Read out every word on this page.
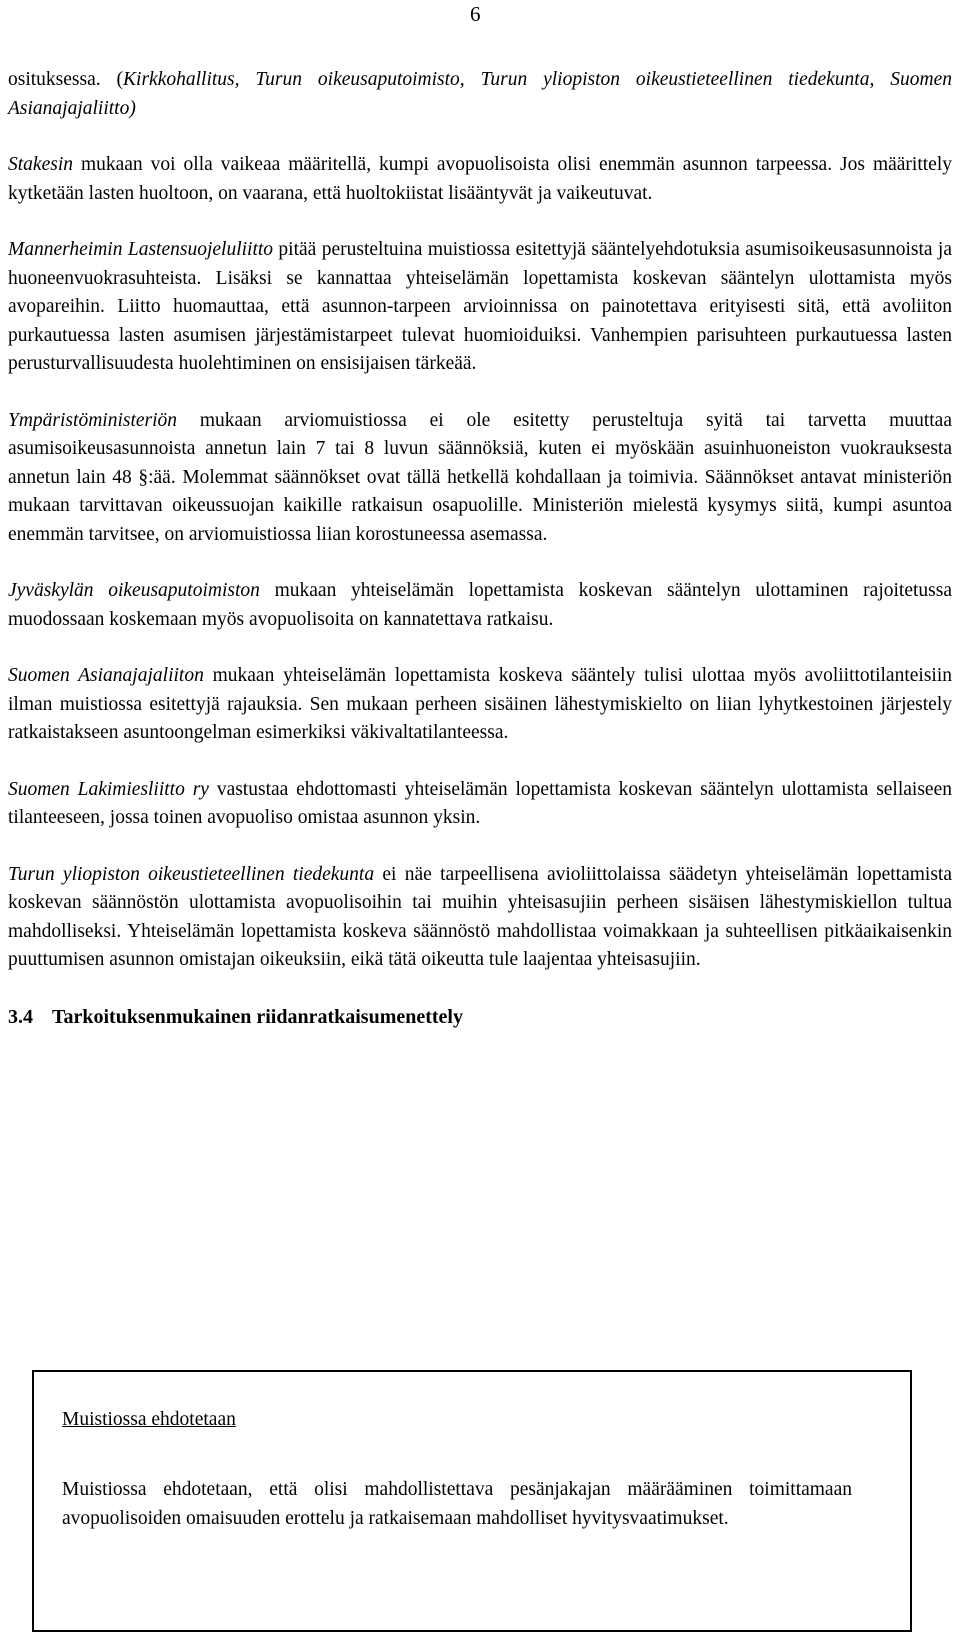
6

osituksessa. (Kirkkohallitus, Turun oikeusaputoimisto, Turun yliopiston oikeustieteellinen tiedekunta, Suomen Asianajajaliitto)

Stakesin mukaan voi olla vaikeaa määritellä, kumpi avopuolisoista olisi enemmän asunnon tarpeessa. Jos määrittely kytketään lasten huoltoon, on vaarana, että huoltokiistat lisääntyvät ja vaikeutuvat.

Mannerheimin Lastensuojeluliitto pitää perusteltuina muistiossa esitettyjä sääntelyehdotuksia asumisoikeusasunnoista ja huoneenvuokrasuhteista. Lisäksi se kannattaa yhteiselämän lopettamista koskevan sääntelyn ulottamista myös avopareihin. Liitto huomauttaa, että asunnon-tarpeen arvioinnissa on painotettava erityisesti sitä, että avoliiton purkautuessa lasten asumisen järjestämistarpeet tulevat huomioiduiksi. Vanhempien parisuhteen purkautuessa lasten perusturvallisuudesta huolehtiminen on ensisijaisen tärkeää.

Ympäristöministeriön mukaan arviomuistiossa ei ole esitetty perusteltuja syitä tai tarvetta muuttaa asumisoikeusasunnoista annetun lain 7 tai 8 luvun säännöksiä, kuten ei myöskään asuinhuoneiston vuokrauksesta annetun lain 48 §:ää. Molemmat säännökset ovat tällä hetkellä kohdallaan ja toimivia. Säännökset antavat ministeriön mukaan tarvittavan oikeussuojan kaikille ratkaisun osapuolille. Ministeriön mielestä kysymys siitä, kumpi asuntoa enemmän tarvitsee, on arviomuistiossa liian korostuneessa asemassa.

Jyväskylän oikeusaputoimiston mukaan yhteiselämän lopettamista koskevan sääntelyn ulottaminen rajoitetussa muodossaan koskemaan myös avopuolisoita on kannatettava ratkaisu.

Suomen Asianajajaliiton mukaan yhteiselämän lopettamista koskeva sääntely tulisi ulottaa myös avoliittotilanteisiin ilman muistiossa esitettyjä rajauksia. Sen mukaan perheen sisäinen lähestymiskielto on liian lyhytkestoinen järjestely ratkaistakseen asuntoongelman esimerkiksi väkivaltatilanteessa.

Suomen Lakimiesliitto ry vastustaa ehdottomasti yhteiselämän lopettamista koskevan sääntelyn ulottamista sellaiseen tilanteeseen, jossa toinen avopuoliso omistaa asunnon yksin.

Turun yliopiston oikeustieteellinen tiedekunta ei näe tarpeellisena avioliittolaissa säädetyn yhteiselämän lopettamista koskevan säännöstön ulottamista avopuolisoihin tai muihin yhteisasujiin perheen sisäisen lähestymiskiellon tultua mahdolliseksi. Yhteiselämän lopettamista koskeva säännöstö mahdollistaa voimakkaan ja suhteellisen pitkäaikaisenkin puuttumisen asunnon omistajan oikeuksiin, eikä tätä oikeutta tule laajentaa yhteisasujiin.

3.4 Tarkoituksenmukainen riidanratkaisumenettely
Muistiossa ehdotetaan
Muistiossa ehdotetaan, että olisi mahdollistettava pesänjakajan määrääminen toimittamaan avopuolisoiden omaisuuden erottelu ja ratkaisemaan mahdolliset hyvitysvaatimukset.
